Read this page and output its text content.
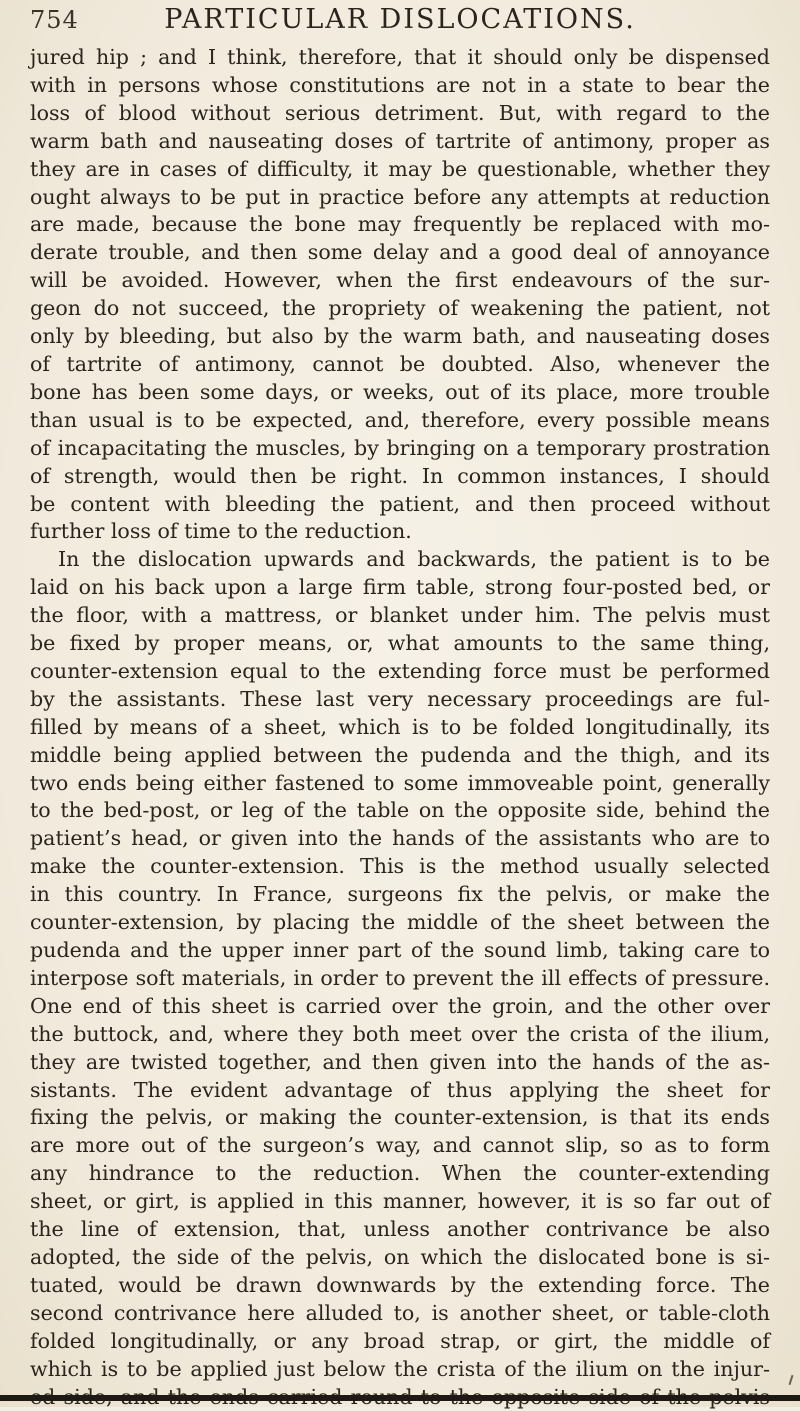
754	PARTICULAR DISLOCATIONS.
jured hip ; and I think, therefore, that it should only be dispensed
with in persons whose constitutions are not in a state to bear the
loss of blood without serious detriment. But, with regard to the
warm bath and nauseating doses of tartrite of antimony, proper as
they are in cases of difficulty, it may be questionable, whether they
ought always to be put in practice before any attempts at reduction
are made, because the bone may frequently be replaced with mo-
derate trouble, and then some delay and a good deal of annoyance
will be avoided. However, when the first endeavours of the sur-
geon do not succeed, the propriety of weakening the patient, not
only by bleeding, but also by the warm bath, and nauseating doses
of tartrite of antimony, cannot be doubted. Also, whenever the
bone has been some days, or weeks, out of its place, more trouble
than usual is to be expected, and, therefore, every possible means
of incapacitating the muscles, by bringing on a temporary prostration
of strength, would then be right. In common instances, I should
be content with bleeding the patient, and then proceed without
further loss of time to the reduction.
In the dislocation upwards and backwards, the patient is to be
laid on his back upon a large firm table, strong four-posted bed, or
the floor, with a mattress, or blanket under him. The pelvis must
be fixed by proper means, or, what amounts to the same thing,
counter-extension equal to the extending force must be performed
by the assistants. These last very necessary proceedings are ful-
filled by means of a sheet, which is to be folded longitudinally, its
middle being applied between the pudenda and the thigh, and its
two ends being either fastened to some immoveable point, generally
to the bed-post, or leg of the table on the opposite side, behind the
patient’s head, or given into the hands of the assistants who are to
make the counter-extension. This is the method usually selected
in this country. In France, surgeons fix the pelvis, or make the
counter-extension, by placing the middle of the sheet between the
pudenda and the upper inner part of the sound limb, taking care to
interpose soft materials, in order to prevent the ill effects of pressure.
One end of this sheet is carried over the groin, and the other over
the buttock, and, where they both meet over the crista of the ilium,
they are twisted together, and then given into the hands of the as-
sistants. The evident advantage of thus applying the sheet for
fixing the pelvis, or making the counter-extension, is that its ends
are more out of the surgeon’s way, and cannot slip, so as to form
any hindrance to the reduction. When the counter-extending
sheet, or girt, is applied in this manner, however, it is so far out of
the line of extension, that, unless another contrivance be also
adopted, the side of the pelvis, on which the dislocated bone is si-
tuated, would be drawn downwards by the extending force. The
second contrivance here alluded to, is another sheet, or table-cloth
folded longitudinally, or any broad strap, or girt, the middle of
which is to be applied just below the crista of the ilium on the injur-
